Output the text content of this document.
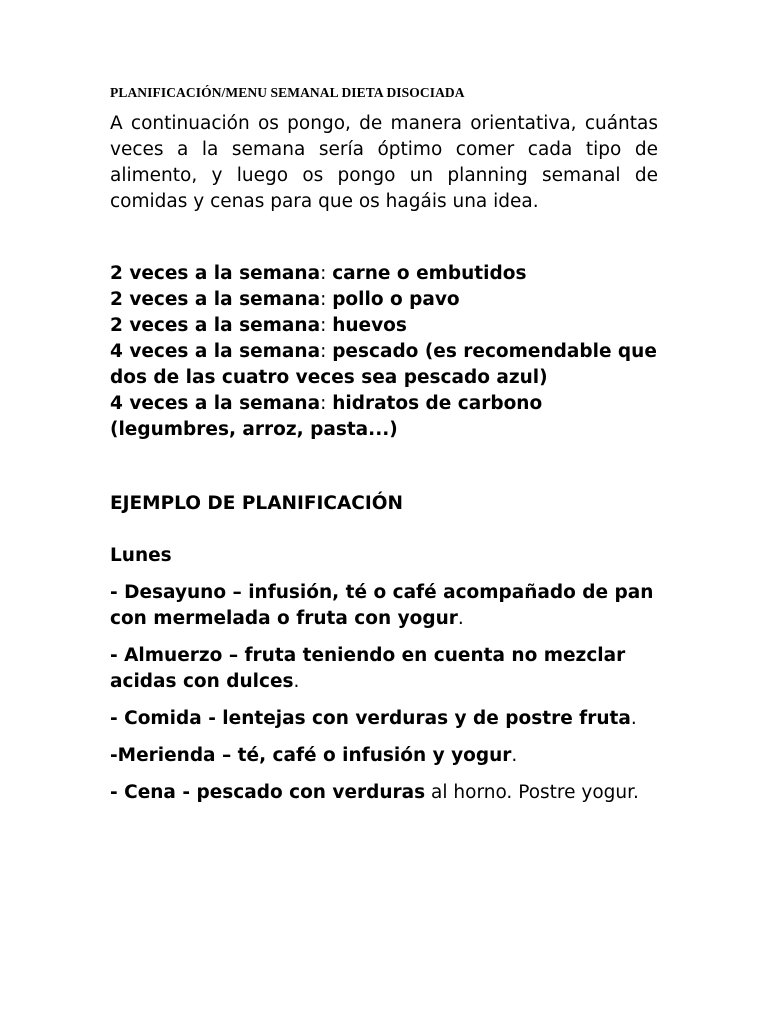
PLANIFICACIÓN/MENU SEMANAL DIETA DISOCIADA

A continuación os pongo, de manera orientativa, cuántas veces a la semana sería óptimo comer cada tipo de alimento, y luego os pongo un planning semanal de comidas y cenas para que os hagáis una idea.

2 veces a la semana: carne o embutidos
2 veces a la semana: pollo o pavo
2 veces a la semana: huevos
4 veces a la semana: pescado (es recomendable que dos de las cuatro veces sea pescado azul)
4 veces a la semana: hidratos de carbono (legumbres, arroz, pasta...)

EJEMPLO DE PLANIFICACIÓN

Lunes

- Desayuno – infusión, té o café acompañado de pan con mermelada o fruta con yogur.

- Almuerzo – fruta teniendo en cuenta no mezclar acidas con dulces.

- Comida - lentejas con verduras y de postre fruta.

-Merienda – té, café o infusión y yogur.

- Cena - pescado con verduras al horno. Postre yogur.
